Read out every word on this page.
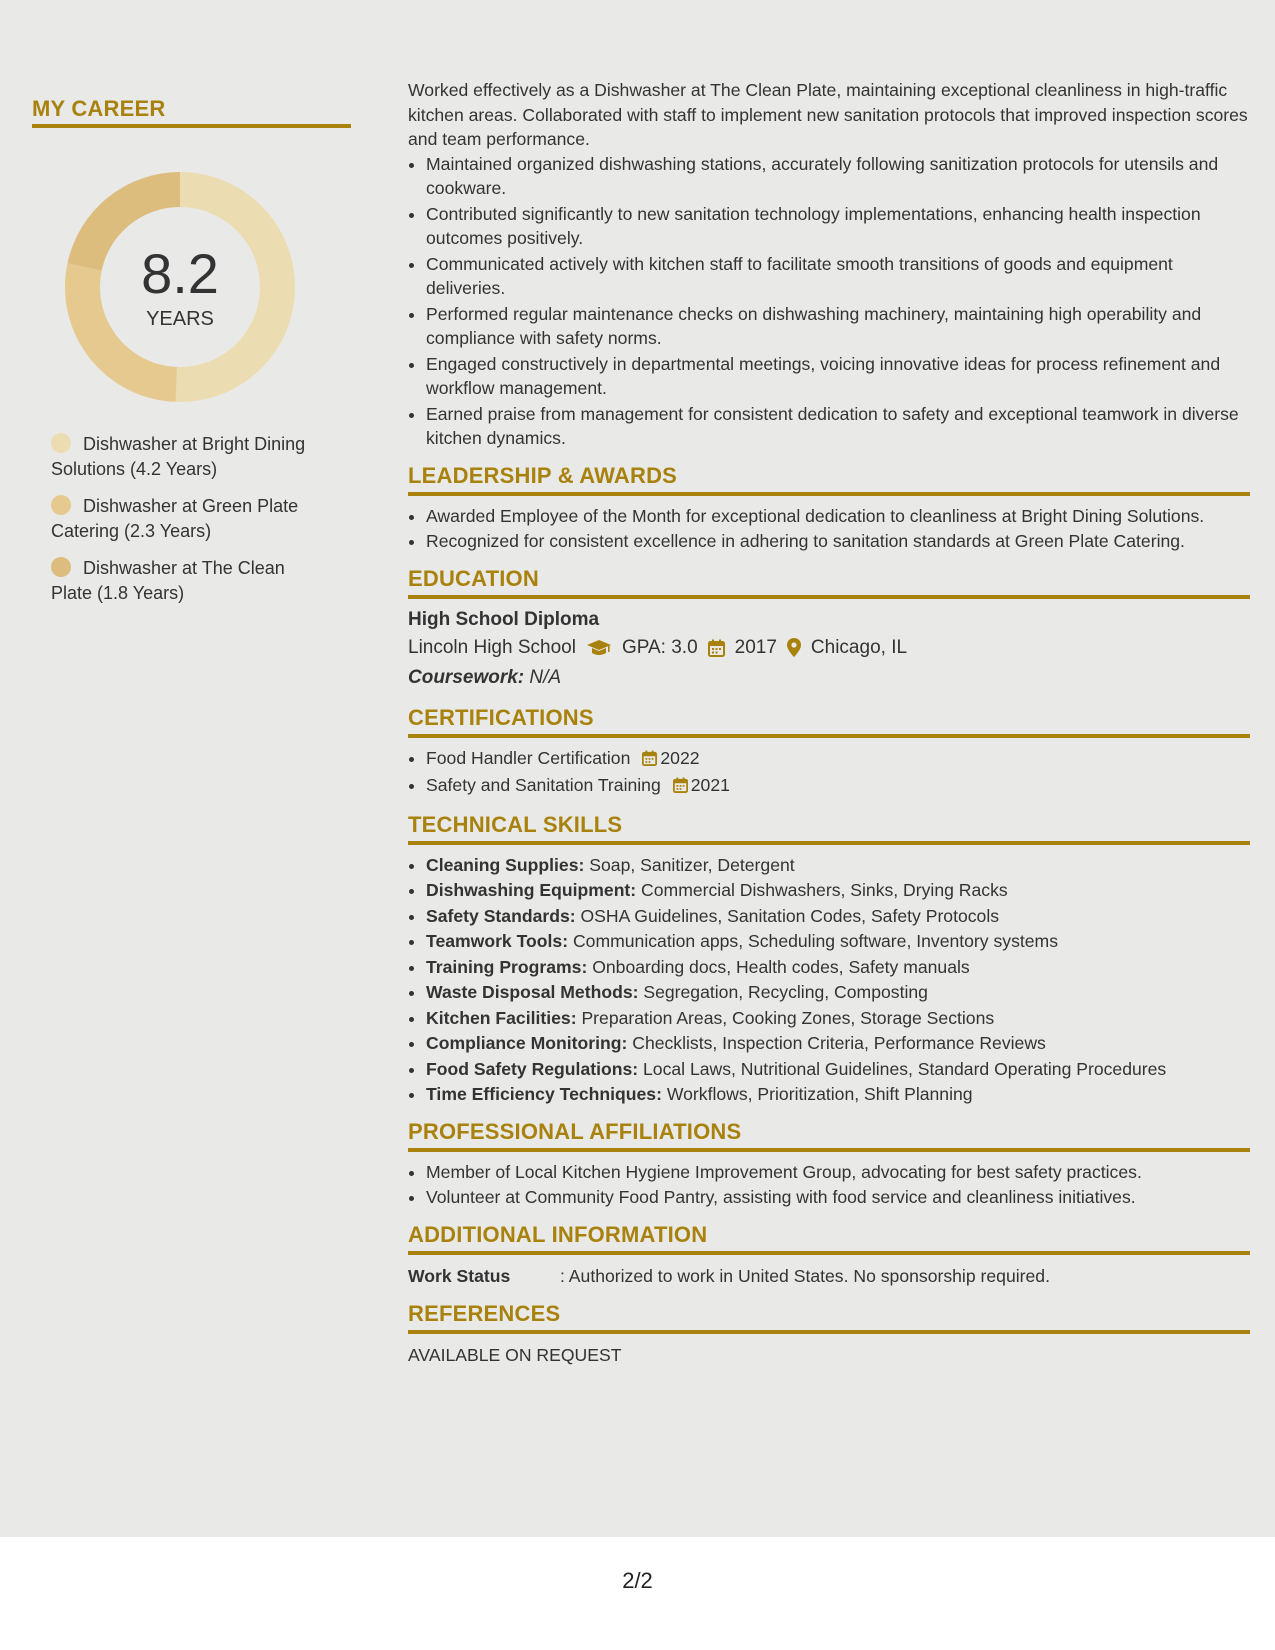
MY CAREER
8.2
YEARS
Dishwasher at Bright Dining Solutions (4.2 Years)
Dishwasher at Green Plate Catering (2.3 Years)
Dishwasher at The Clean Plate (1.8 Years)

Worked effectively as a Dishwasher at The Clean Plate, maintaining exceptional cleanliness in high-traffic kitchen areas. Collaborated with staff to implement new sanitation protocols that improved inspection scores and team performance.

• Maintained organized dishwashing stations, accurately following sanitization protocols for utensils and cookware.
• Contributed significantly to new sanitation technology implementations, enhancing health inspection outcomes positively.
• Communicated actively with kitchen staff to facilitate smooth transitions of goods and equipment deliveries.
• Performed regular maintenance checks on dishwashing machinery, maintaining high operability and compliance with safety norms.
• Engaged constructively in departmental meetings, voicing innovative ideas for process refinement and workflow management.
• Earned praise from management for consistent dedication to safety and exceptional teamwork in diverse kitchen dynamics.
LEADERSHIP & AWARDS
• Awarded Employee of the Month for exceptional dedication to cleanliness at Bright Dining Solutions.
• Recognized for consistent excellence in adhering to sanitation standards at Green Plate Catering.
EDUCATION
High School Diploma
Lincoln High School GPA: 3.0 2017 Chicago, IL
Coursework: N/A
CERTIFICATIONS
• Food Handler Certification 2022
• Safety and Sanitation Training 2021
TECHNICAL SKILLS
• Cleaning Supplies: Soap, Sanitizer, Detergent
• Dishwashing Equipment: Commercial Dishwashers, Sinks, Drying Racks
• Safety Standards: OSHA Guidelines, Sanitation Codes, Safety Protocols
• Teamwork Tools: Communication apps, Scheduling software, Inventory systems
• Training Programs: Onboarding docs, Health codes, Safety manuals
• Waste Disposal Methods: Segregation, Recycling, Composting
• Kitchen Facilities: Preparation Areas, Cooking Zones, Storage Sections
• Compliance Monitoring: Checklists, Inspection Criteria, Performance Reviews
• Food Safety Regulations: Local Laws, Nutritional Guidelines, Standard Operating Procedures
• Time Efficiency Techniques: Workflows, Prioritization, Shift Planning
PROFESSIONAL AFFILIATIONS
• Member of Local Kitchen Hygiene Improvement Group, advocating for best safety practices.
• Volunteer at Community Food Pantry, assisting with food service and cleanliness initiatives.
ADDITIONAL INFORMATION
Work Status	: Authorized to work in United States. No sponsorship required.
REFERENCES
AVAILABLE ON REQUEST
2/2
